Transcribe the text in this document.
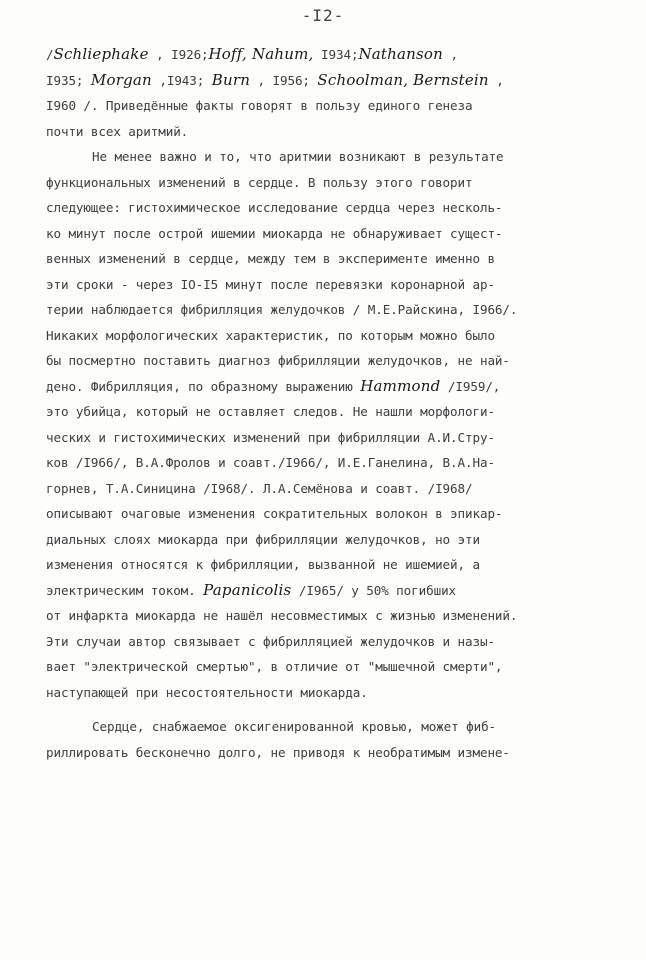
-I2-
/Schliephake , I926;Hoff, Nahum, I934;Nathanson ,
I935; Morgan ,I943; Burn , I956; Schoolman, Bernstein ,
I960 /. Приведённые факты говорят в пользу единого генеза
почти всех аритмий.
Не менее важно и то, что аритмии возникают в результате
функциональных изменений в сердце. В пользу этого говорит
следующее: гистохимическое исследование сердца через несколь-
ко минут после острой ишемии миокарда не обнаруживает сущест-
венных изменений в сердце, между тем в эксперименте именно в
эти сроки - через IO-I5 минут после перевязки коронарной ар-
терии наблюдается фибрилляция желудочков / М.Е.Райскина, I966/.
Никаких морфологических характеристик, по которым можно было
бы посмертно поставить диагноз фибрилляции желудочков, не най-
дено. Фибрилляция, по образному выражению Hammond /I959/,
это убийца, который не оставляет следов. Не нашли морфологи-
ческих и гистохимических изменений при фибрилляции А.И.Стру-
ков /I966/, В.А.Фролов и соавт./I966/, И.Е.Ганелина, В.А.На-
горнев, Т.А.Синицина /I968/. Л.А.Семёнова и соавт. /I968/
описывают очаговые изменения сократительных волокон в эпикар-
диальных слоях миокарда при фибрилляции желудочков, но эти
изменения относятся к фибрилляции, вызванной не ишемией, а
электрическим током. Papanicolis /I965/ у 50% погибших
от инфаркта миокарда не нашёл несовместимых с жизнью изменений.
Эти случаи автор связывает с фибрилляцией желудочков и назы-
вает "электрической смертью", в отличие от "мышечной смерти",
наступающей при несостоятельности миокарда.
Сердце, снабжаемое оксигенированной кровью, может фиб-
риллировать бесконечно долго, не приводя к необратимым измене-
